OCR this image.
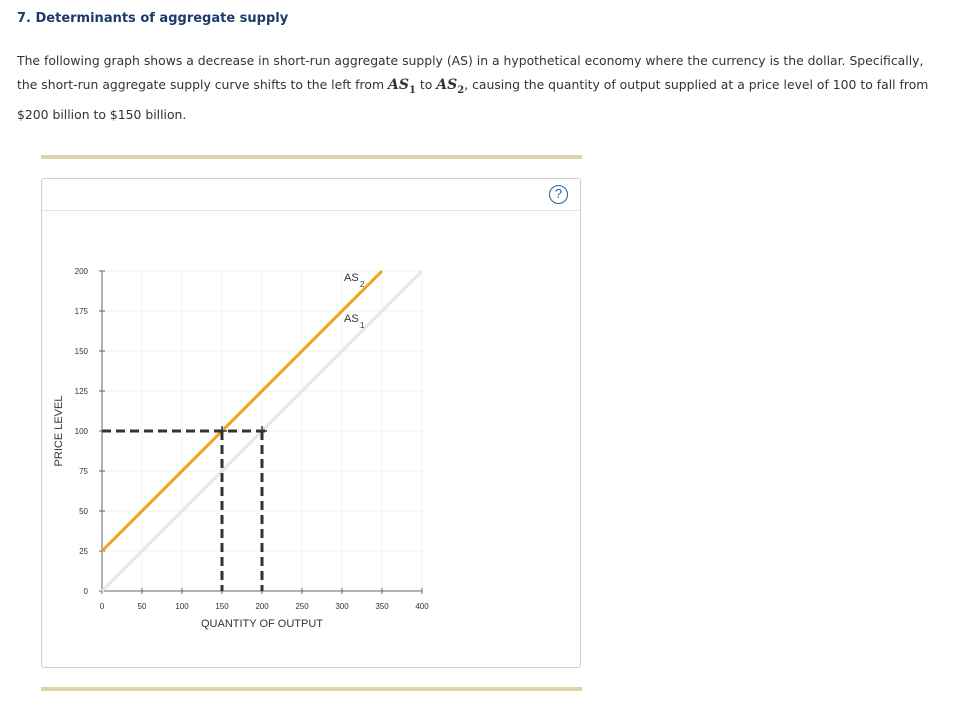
7. Determinants of aggregate supply
The following graph shows a decrease in short-run aggregate supply (AS) in a hypothetical economy where the currency is the dollar. Specifically, the short-run aggregate supply curve shifts to the left from $AS_1$ to $AS_2$, causing the quantity of output supplied at a price level of 100 to fall from $200 billion to $150 billion.
?
0
25
50
75
100
125
150
175
200
0	50	100	150	200	250	300	350	400
QUANTITY OF OUTPUT
PRICE LEVEL
AS
1
AS
2
